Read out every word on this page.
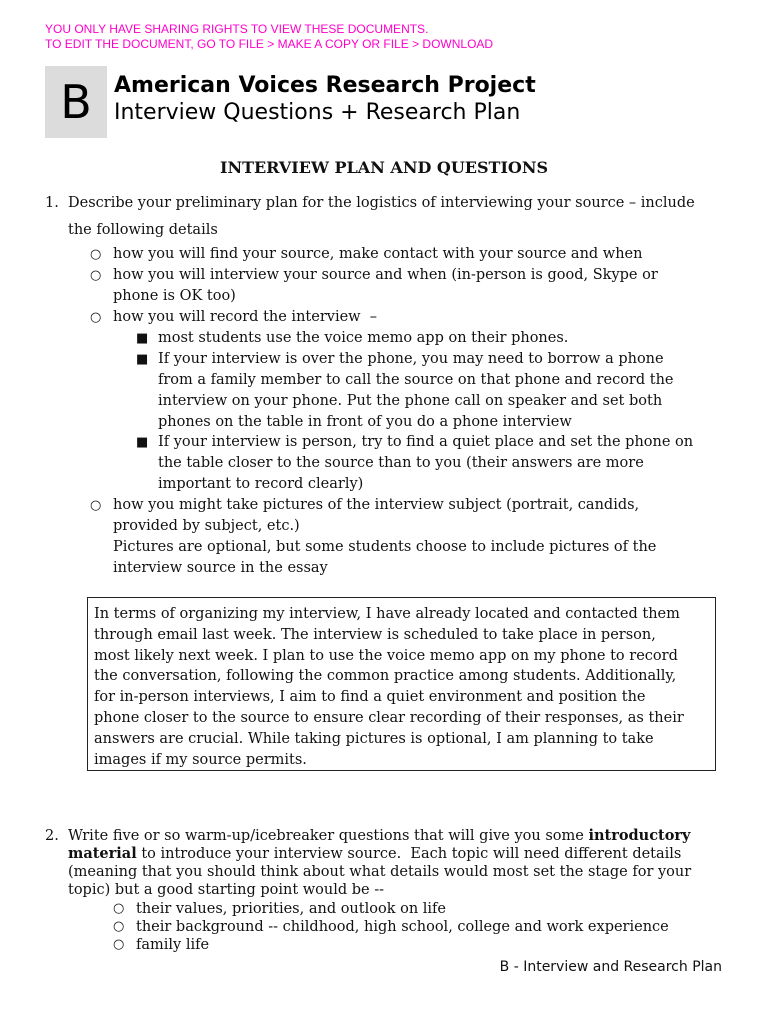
YOU ONLY HAVE SHARING RIGHTS TO VIEW THESE DOCUMENTS.
TO EDIT THE DOCUMENT, GO TO FILE > MAKE A COPY OR FILE > DOWNLOAD
B	American Voices Research Project
Interview Questions + Research Plan
INTERVIEW PLAN AND QUESTIONS
1. Describe your preliminary plan for the logistics of interviewing your source – include
the following details
○ how you will find your source, make contact with your source and when
○ how you will interview your source and when (in-person is good, Skype or
phone is OK too)
○ how you will record the interview  –
■ most students use the voice memo app on their phones.
■ If your interview is over the phone, you may need to borrow a phone
from a family member to call the source on that phone and record the
interview on your phone. Put the phone call on speaker and set both
phones on the table in front of you do a phone interview
■ If your interview is person, try to find a quiet place and set the phone on
the table closer to the source than to you (their answers are more
important to record clearly)
○ how you might take pictures of the interview subject (portrait, candids,
provided by subject, etc.)
Pictures are optional, but some students choose to include pictures of the
interview source in the essay
In terms of organizing my interview, I have already located and contacted them
through email last week. The interview is scheduled to take place in person,
most likely next week. I plan to use the voice memo app on my phone to record
the conversation, following the common practice among students. Additionally,
for in-person interviews, I aim to find a quiet environment and position the
phone closer to the source to ensure clear recording of their responses, as their
answers are crucial. While taking pictures is optional, I am planning to take
images if my source permits.
2. Write five or so warm-up/icebreaker questions that will give you some introductory
material to introduce your interview source.  Each topic will need different details
(meaning that you should think about what details would most set the stage for your
topic) but a good starting point would be --
○ their values, priorities, and outlook on life
○ their background -- childhood, high school, college and work experience
○ family life
B - Interview and Research Plan
